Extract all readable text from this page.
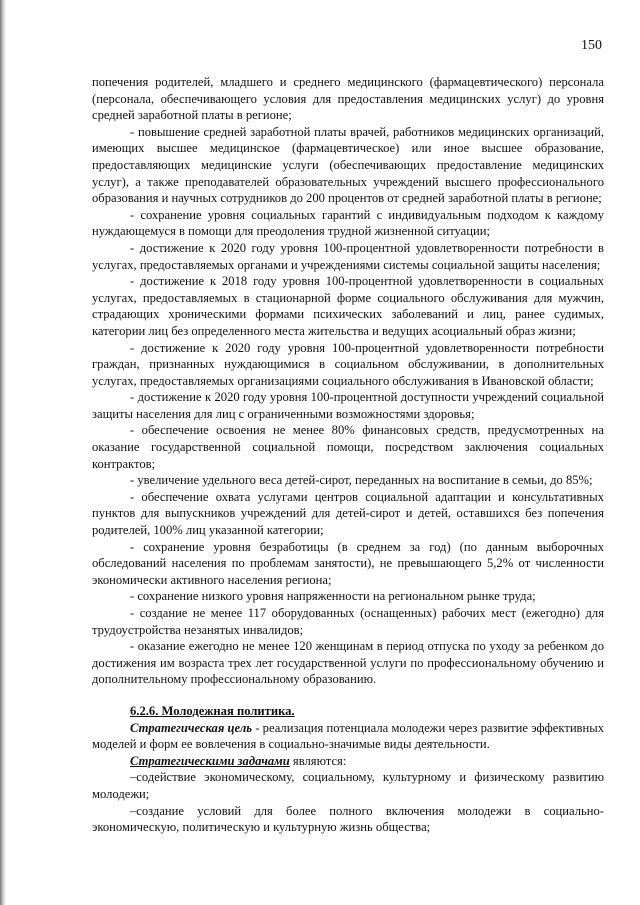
150

попечения родителей, младшего и среднего медицинского (фармацевтического) персонала (персонала, обеспечивающего условия для предоставления медицинских услуг) до уровня средней заработной платы в регионе;

- повышение средней заработной платы врачей, работников медицинских организаций, имеющих высшее медицинское (фармацевтическое) или иное высшее образование, предоставляющих медицинские услуги (обеспечивающих предоставление медицинских услуг), а также преподавателей образовательных учреждений высшего профессионального образования и научных сотрудников до 200 процентов от средней заработной платы в регионе;

- сохранение уровня социальных гарантий с индивидуальным подходом к каждому нуждающемуся в помощи для преодоления трудной жизненной ситуации;

- достижение к 2020 году уровня 100-процентной удовлетворенности потребности в услугах, предоставляемых органами и учреждениями системы социальной защиты населения;

- достижение к 2018 году уровня 100-процентной удовлетворенности в социальных услугах, предоставляемых в стационарной форме социального обслуживания для мужчин, страдающих хроническими формами психических заболеваний и лиц, ранее судимых, категории лиц без определенного места жительства и ведущих асоциальный образ жизни;

- достижение к 2020 году уровня 100-процентной удовлетворенности потребности граждан, признанных нуждающимися в социальном обслуживании, в дополнительных услугах, предоставляемых организациями социального обслуживания в Ивановской области;

- достижение к 2020 году уровня 100-процентной доступности учреждений социальной защиты населения для лиц с ограниченными возможностями здоровья;

- обеспечение освоения не менее 80% финансовых средств, предусмотренных на оказание государственной социальной помощи, посредством заключения социальных контрактов;

- увеличение удельного веса детей-сирот, переданных на воспитание в семьи, до 85%;

- обеспечение охвата услугами центров социальной адаптации и консультативных пунктов для выпускников учреждений для детей-сирот и детей, оставшихся без попечения родителей, 100% лиц указанной категории;

- сохранение уровня безработицы (в среднем за год) (по данным выборочных обследований населения по проблемам занятости), не превышающего 5,2% от численности экономически активного населения региона;

- сохранение низкого уровня напряженности на региональном рынке труда;

- создание не менее 117 оборудованных (оснащенных) рабочих мест (ежегодно) для трудоустройства незанятых инвалидов;

- оказание ежегодно не менее 120 женщинам в период отпуска по уходу за ребенком до достижения им возраста трех лет государственной услуги по профессиональному обучению и дополнительному профессиональному образованию.

6.2.6. Молодежная политика.

Стратегическая цель - реализация потенциала молодежи через развитие эффективных моделей и форм ее вовлечения в социально-значимые виды деятельности.

Стратегическими задачами являются:

–содействие экономическому, социальному, культурному и физическому развитию молодежи;

–создание условий для более полного включения молодежи в социально-экономическую, политическую и культурную жизнь общества;
